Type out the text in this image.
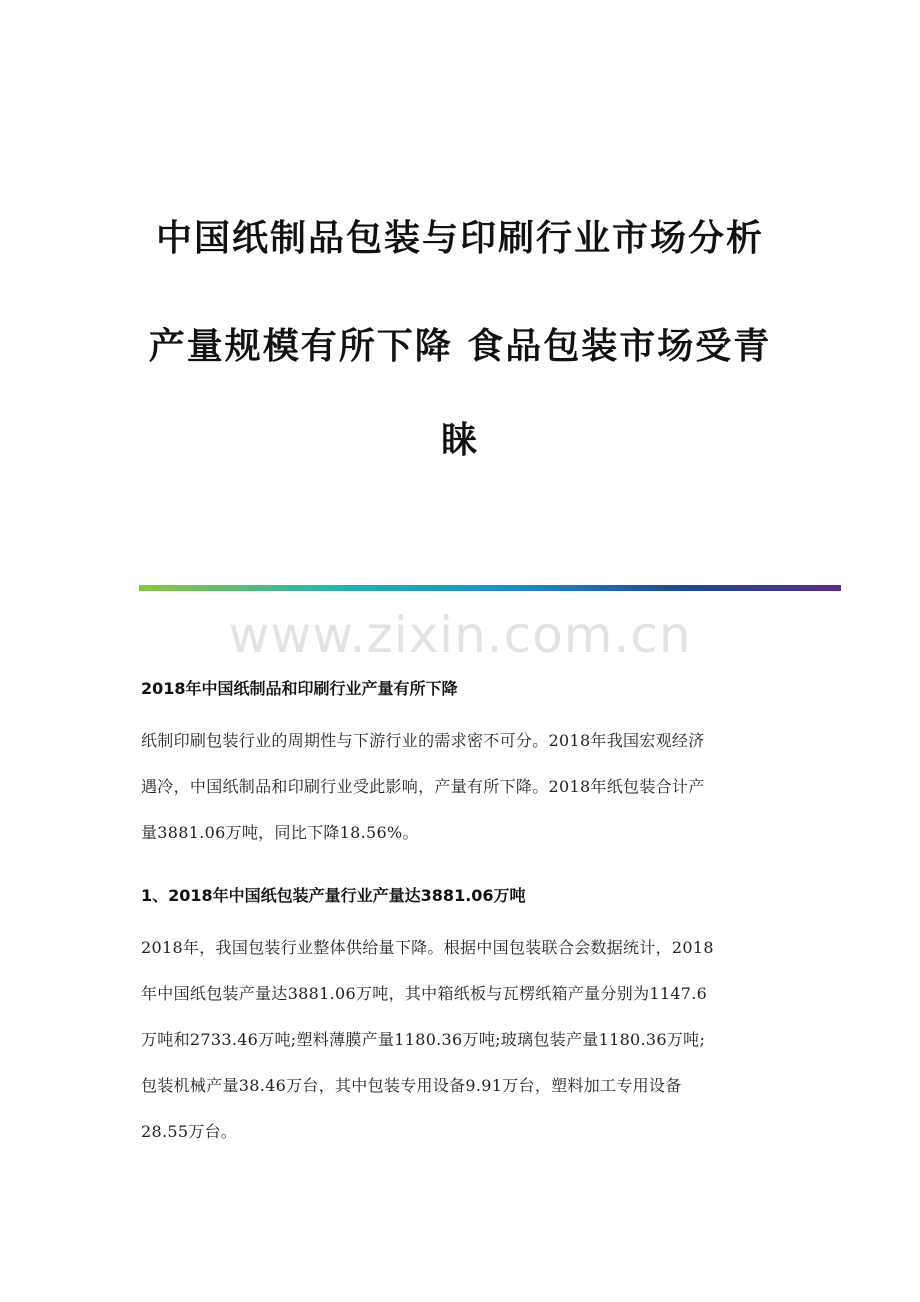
中国纸制品包装与印刷行业市场分析
产量规模有所下降 食品包装市场受青
睐
www.zixin.com.cn
2018年中国纸制品和印刷行业产量有所下降
纸制印刷包装行业的周期性与下游行业的需求密不可分。2018年我国宏观经济
遇冷，中国纸制品和印刷行业受此影响，产量有所下降。2018年纸包装合计产
量3881.06万吨，同比下降18.56%。
1、2018年中国纸包装产量行业产量达3881.06万吨
2018年，我国包装行业整体供给量下降。根据中国包装联合会数据统计，2018
年中国纸包装产量达3881.06万吨，其中箱纸板与瓦楞纸箱产量分别为1147.6
万吨和2733.46万吨;塑料薄膜产量1180.36万吨;玻璃包装产量1180.36万吨;
包装机械产量38.46万台，其中包装专用设备9.91万台，塑料加工专用设备
28.55万台。
